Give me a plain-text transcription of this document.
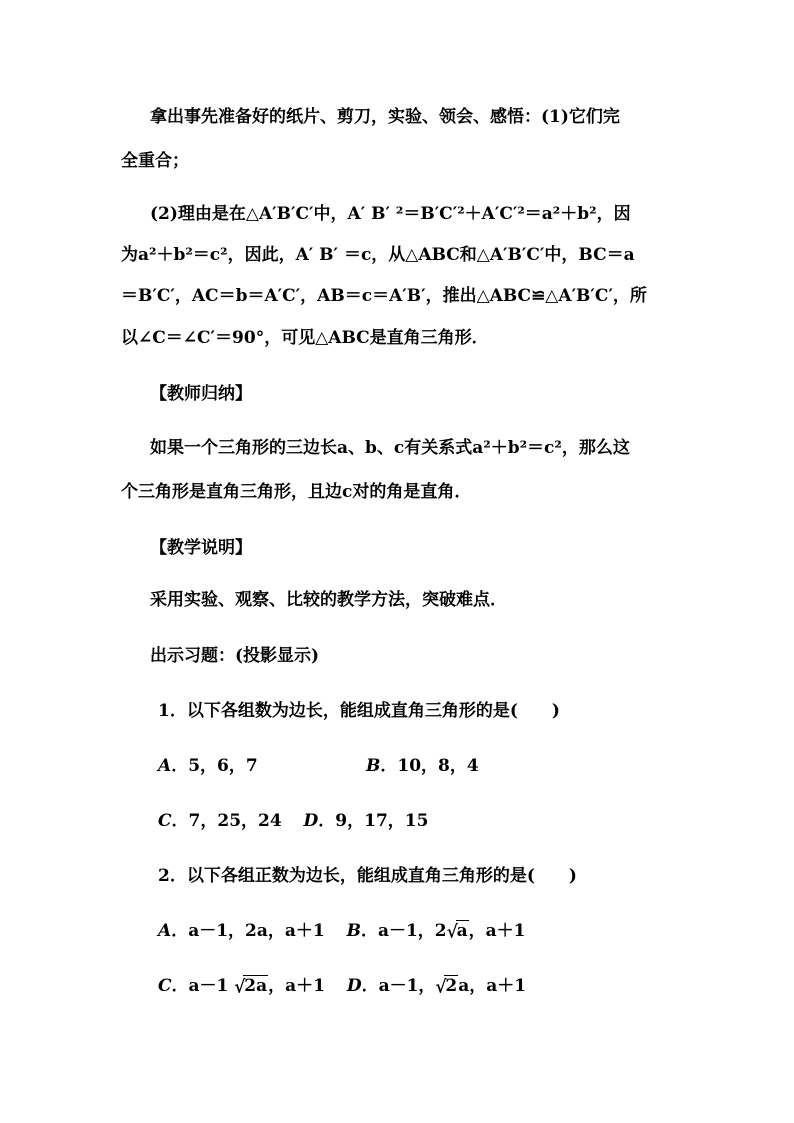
拿出事先准备好的纸片、剪刀，实验、领会、感悟：(1)它们完
全重合；
(2)理由是在△A′B′C′中，A′ B′ ²＝B′C′²＋A′C′²＝a²＋b²，因
为a²＋b²＝c²，因此，A′ B′ ＝c，从△ABC和△A′B′C′中，BC＝a
＝B′C′，AC＝b＝A′C′，AB＝c＝A′B′，推出△ABC≌△A′B′C′，所
以∠C＝∠C′＝90°，可见△ABC是直角三角形．
【教师归纳】
如果一个三角形的三边长a、b、c有关系式a²＋b²＝c²，那么这
个三角形是直角三角形，且边c对的角是直角．
【教学说明】
采用实验、观察、比较的教学方法，突破难点．
出示习题：(投影显示)
1．以下各组数为边长，能组成直角三角形的是(　　)
A．5，6，7	B．10，8，4
C．7，25，24 D．9，17，15
2．以下各组正数为边长，能组成直角三角形的是(　　)
A．a－1，2a，a＋1 B．a－1，2 √
a，a＋1
C．a－1 √
2a，a＋1 D．a－1， √
2a，a＋1
